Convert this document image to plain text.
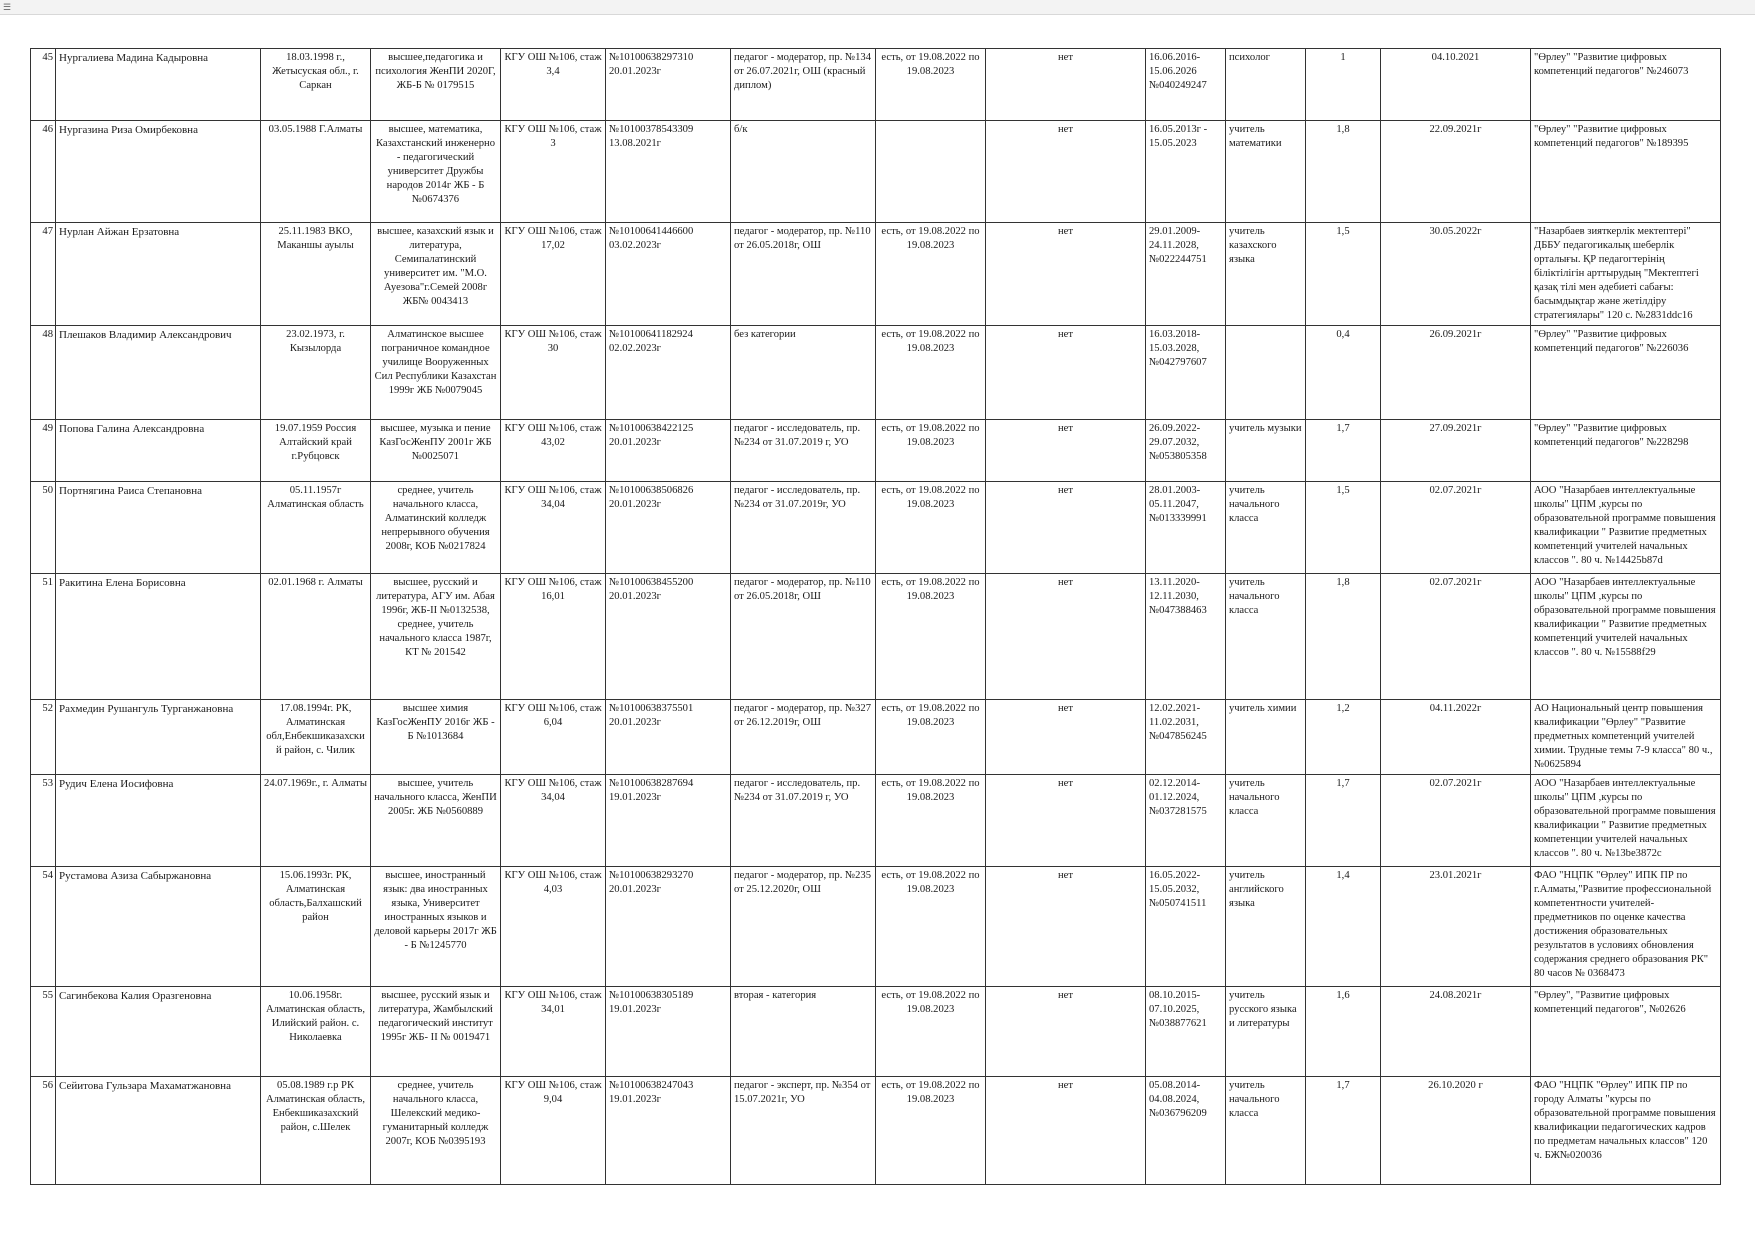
☰
45	Нургалиева Мадина Кадыровна	18.03.1998 г., Жетысуская обл., г. Саркан	высшее,педагогика и психология ЖенПИ 2020Г, ЖБ-Б № 0179515	КГУ ОШ №106, стаж 3,4	№10100638297310 20.01.2023г	педагог - модератор, пр. №134 от 26.07.2021г, ОШ (красный диплом)	есть, от 19.08.2022 по 19.08.2023	нет	16.06.2016- 15.06.2026 №040249247	психолог	1	04.10.2021	"Өрлеу" "Развитие цифровых компетенций педагогов" №246073
46	Нургазина Риза Омирбековна	03.05.1988 Г.Алматы	высшее, математика, Казахстанский инженерно - педагогический университет Дружбы народов 2014г ЖБ - Б №0674376	КГУ ОШ №106, стаж 3	№10100378543309 13.08.2021г	б/к		нет	16.05.2013г - 15.05.2023	учитель математики	1,8	22.09.2021г	"Өрлеу" "Развитие цифровых компетенций педагогов" №189395
47	Нурлан Айжан Ерзатовна	25.11.1983 ВКО, Маканшы ауылы	высшее, казахский язык и литература, Семипалатинский университет им. "М.О. Ауезова"г.Семей 2008г ЖБ№ 0043413	КГУ ОШ №106, стаж 17,02	№10100641446600 03.02.2023г	педагог - модератор, пр. №110 от 26.05.2018г, ОШ	есть, от 19.08.2022 по 19.08.2023	нет	29.01.2009- 24.11.2028, №022244751	учитель казахского языка	1,5	30.05.2022г	"Назарбаев зияткерлік мектептері" ДББУ педагогикалық шеберлік орталығы. ҚР педагогтерінің біліктілігін арттырудың "Мектептегі қазақ тілі мен әдебиеті сабағы: басымдықтар және жетілдіру стратегиялары" 120 с. №2831ddc16
48	Плешаков Владимир Александрович	23.02.1973, г. Кызылорда	Алматинское высшее пограничное командное училище Вооруженных Сил Республики Казахстан 1999г ЖБ №0079045	КГУ ОШ №106, стаж 30	№10100641182924 02.02.2023г	без категории	есть, от 19.08.2022 по 19.08.2023	нет	16.03.2018- 15.03.2028, №042797607		0,4	26.09.2021г	"Өрлеу" "Развитие цифровых компетенций педагогов" №226036
49	Попова Галина Александровна	19.07.1959 Россия Алтайский край г.Рубцовск	высшее, музыка и пение КазГосЖенПУ 2001г ЖБ №0025071	КГУ ОШ №106, стаж 43,02	№10100638422125 20.01.2023г	педагог - исследователь, пр.№234 от 31.07.2019 г, УО	есть, от 19.08.2022 по 19.08.2023	нет	26.09.2022- 29.07.2032, №053805358	учитель музыки	1,7	27.09.2021г	"Өрлеу" "Развитие цифровых компетенций педагогов" №228298
50	Портнягина Раиса Степановна	05.11.1957г Алматинская область	среднее, учитель начального класса, Алматинский колледж непрерывного обучения 2008г, КОБ №0217824	КГУ ОШ №106, стаж 34,04	№10100638506826 20.01.2023г	педагог - исследователь, пр.№234 от 31.07.2019г, УО	есть, от 19.08.2022 по 19.08.2023	нет	28.01.2003- 05.11.2047, №013339991	учитель начального класса	1,5	02.07.2021г	АОО "Назарбаев интеллектуальные школы" ЦПМ ,курсы по образовательной программе повышения квалификации " Развитие предметных компетенций учителей начальных классов ". 80 ч. №14425b87d
51	Ракитина Елена Борисовна	02.01.1968 г. Алматы	высшее, русский и литература, АГУ им. Абая 1996г, ЖБ-II №0132538, среднее, учитель начального класса 1987г, КТ № 201542	КГУ ОШ №106, стаж 16,01	№10100638455200 20.01.2023г	педагог - модератор, пр. №110 от 26.05.2018г, ОШ	есть, от 19.08.2022 по 19.08.2023	нет	13.11.2020- 12.11.2030, №047388463	учитель начального класса	1,8	02.07.2021г	АОО "Назарбаев интеллектуальные школы" ЦПМ ,курсы по образовательной программе повышения квалификации " Развитие предметных компетенций учителей начальных классов ". 80 ч. №15588f29
52	Рахмедин Рушангуль Турганжановна	17.08.1994г. РК, Алматинская обл,Енбекшиказахский район, с. Чилик	высшее химия КазГосЖенПУ 2016г ЖБ - Б №1013684	КГУ ОШ №106, стаж 6,04	№10100638375501 20.01.2023г	педагог - модератор, пр. №327 от 26.12.2019г, ОШ	есть, от 19.08.2022 по 19.08.2023	нет	12.02.2021- 11.02.2031, №047856245	учитель химии	1,2	04.11.2022г	АО Национальный центр повышения квалификации "Өрлеу" "Развитие предметных компетенций учителей химии. Трудные темы 7-9 класса" 80 ч., №0625894
53	Рудич Елена Иосифовна	24.07.1969г., г. Алматы	высшее, учитель начального класса, ЖенПИ 2005г. ЖБ №0560889	КГУ ОШ №106, стаж 34,04	№10100638287694 19.01.2023г	педагог - исследователь, пр.№234 от 31.07.2019 г, УО	есть, от 19.08.2022 по 19.08.2023	нет	02.12.2014- 01.12.2024, №037281575	учитель начального класса	1,7	02.07.2021г	АОО "Назарбаев интеллектуальные школы" ЦПМ ,курсы по образовательной программе повышения квалификации " Развитие предметных компетенции учителей начальных классов ". 80 ч. №13be3872c
54	Рустамова Азиза Сабыржановна	15.06.1993г. РК, Алматинская область,Балхашский район	высшее, иностранный язык: два иностранных языка, Университет иностранных языков и деловой карьеры 2017г ЖБ - Б №1245770	КГУ ОШ №106, стаж 4,03	№10100638293270 20.01.2023г	педагог - модератор, пр. №235 от 25.12.2020г, ОШ	есть, от 19.08.2022 по 19.08.2023	нет	16.05.2022- 15.05.2032, №050741511	учитель английского языка	1,4	23.01.2021г	ФАО "НЦПК "Өрлеу" ИПК ПР по г.Алматы,"Развитие профессиональной компетентности учителей-предметников по оценке качества достижения образовательных результатов в условиях обновления содержания среднего образования РК" 80 часов № 0368473
55	Сагинбекова Калия Оразгеновна	10.06.1958г. Алматинская область, Илийский район. с. Николаевка	высшее, русский язык и литература, Жамбылский педагогический институт 1995г ЖБ- II № 0019471	КГУ ОШ №106, стаж 34,01	№10100638305189 19.01.2023г	вторая - категория	есть, от 19.08.2022 по 19.08.2023	нет	08.10.2015- 07.10.2025, №038877621	учитель русского языка и литературы	1,6	24.08.2021г	"Өрлеу", "Развитие цифровых компетенций педагогов", №02626
56	Сейитова Гульзара Махаматжановна	05.08.1989 г.р РК Алматинская область, Енбекшиказахский район, с.Шелек	среднее, учитель начального класса, Шелекский медико-гуманитарный колледж 2007г, КОБ №0395193	КГУ ОШ №106, стаж 9,04	№10100638247043 19.01.2023г	педагог - эксперт, пр. №354 от 15.07.2021г, УО	есть, от 19.08.2022 по 19.08.2023	нет	05.08.2014- 04.08.2024, №036796209	учитель начального класса	1,7	26.10.2020 г	ФАО "НЦПК "Өрлеу" ИПК ПР по городу Алматы "курсы по образовательной программе повышения квалификации педагогических кадров по предметам начальных классов" 120 ч. БЖ№020036
